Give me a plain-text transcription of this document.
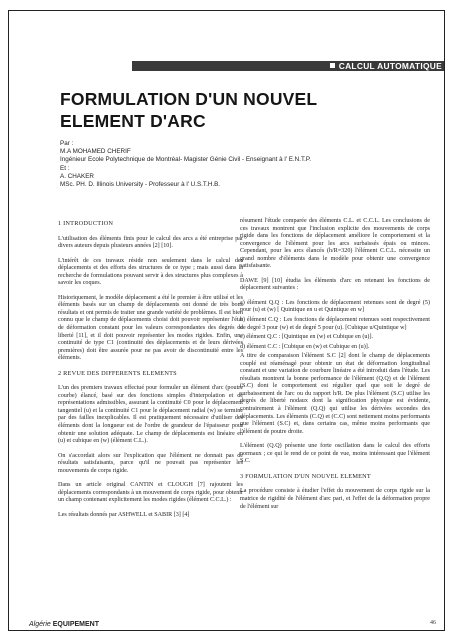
CALCUL AUTOMATIQUE
FORMULATION D'UN NOUVEL
ELEMENT D'ARC
Par :
M.A MOHAMED CHERIF
Ingénieur Ecole Polytechnique de Montréal- Magister Génie Civil - Enseignant à l' E.N.T.P.
Et :
A. CHAKER
MSc. PH. D. Illinois University - Professeur à l' U.S.T.H.B.
1 INTRODUCTION

L'utilisation des éléments finis pour le calcul des arcs a été entreprise par divers auteurs depuis plusieurs années [2] [10].

L'intérêt de ces travaux réside non seulement dans le calcul des déplacements et des efforts des structures de ce type ; mais aussi dans la recherche de formulations pouvant servir à des structures plus complexes à savoir les coques.

Historiquement, le modèle déplacement a été le premier à être utilisé et les éléments basés sur un champ de déplacements ont donné de très bons résultats et ont permis de traiter une grande variété de problèmes. Il est bien connu que le champ de déplacements choisi doit pouvoir représenter l'état de déformation constant pour les valeurs correspondantes des degrés de liberté [11], et il doit pouvoir représenter les modes rigides. Enfin, une continuité de type C1 (continuité des déplacements et de leurs dérivées premières) doit être assurée pour ne pas avoir de discontinuité entre les éléments.

2 REVUE DES DIFFERENTS ELEMENTS

L'un des premiers travaux effectué pour formuler un élément d'arc (poutre courbe) élancé, basé sur des fonctions simples d'interpolation et de représentations admissibles, assurant la continuité C0 pour le déplacement tangentiel (u) et la continuité C1 pour le déplacement radial (w) se termine par des failles inexplicables. Il est pratiquement nécessaire d'utiliser des éléments dont la longueur est de l'ordre de grandeur de l'épaisseur pour obtenir une solution adéquate. Le champ de déplacements est linéaire en (u) et cubique en (w) (élément C.L.).

On s'accordait alors sur l'explication que l'élément ne donnait pas de résultats satisfaisants, parce qu'il ne pouvait pas représenter les mouvements de corps rigide.

Dans un article original CANTIN et CLOUGH [7] rajoutent les déplacements correspondants à un mouvement de corps rigide, pour obtenir un champ contenant explicitement les modes rigides (élément C.C.L.) :

Les résultats donnés par ASHWELL et SABIR [3] [4]

résument l'étude comparée des éléments C.L. et C.C.L. Les conclusions de ces travaux montrent que l'inclusion explicite des mouvements de corps rigide dans les fonctions de déplacement améliore le comportement et la convergence de l'élément pour les arcs surbaissés épais ou minces. Cependant, pour les arcs élancés (h/R=320) l'élément C.C.L. nécessite un grand nombre d'éléments dans le modèle pour obtenir une convergence satisfaisante.

DAWE [9] [10] étudia les éléments d'arc en retenant les fonctions de déplacement suivantes :

a) élément Q.Q : Les fonctions de déplacement retenues sont de degré (5) pour (u) et (w) [ Quintique en u et Quintique en w]

b) élément C.Q : Les fonctions de déplacement retenues sont respectivement de degré 3 pour (w) et de degré 5 pour (u). [Cubique u/Quintique w]

c) élément Q.C : [Quintique en (w) et Cubique en (u)].

d) élément C.C : [Cubique en (w) et Cubique en (u)].

A titre de comparaison l'élément S.C [2] dont le champ de déplacements couplé est réaménagé pour obtenir un état de déformation longitudinal constant et une variation de courbure linéaire a été introduit dans l'étude. Les résultats montrent la bonne performance de l'élément (Q.Q) et de l'élément (S.C) dont le comportement est régulier quel que soit le degré de surbaissement de l'arc ou du rapport h/R. De plus l'élément (S.C) utilise les degrés de liberté nodaux dont la signification physique est évidente, contrairement à l'élément (Q.Q) qui utilise les dérivées secondes des déplacements. Les éléments (C.Q) et (C.C) sont nettement moins performants que l'élément (S.C) et, dans certains cas, même moins performants que l'élément de poutre droite.

L'élément (Q.Q) présente une forte oscillation dans le calcul des efforts normaux ; ce qui le rend de ce point de vue, moins intéressant que l'élément S.C.

3 FORMULATION D'UN NOUVEL ELEMENT

La procédure consiste à étudier l'effet du mouvement de corps rigide sur la matrice de rigidité de l'élément d'arc pari, et l'effet de la déformation propre de l'élément sur

Algérie EQUIPEMENT	46
